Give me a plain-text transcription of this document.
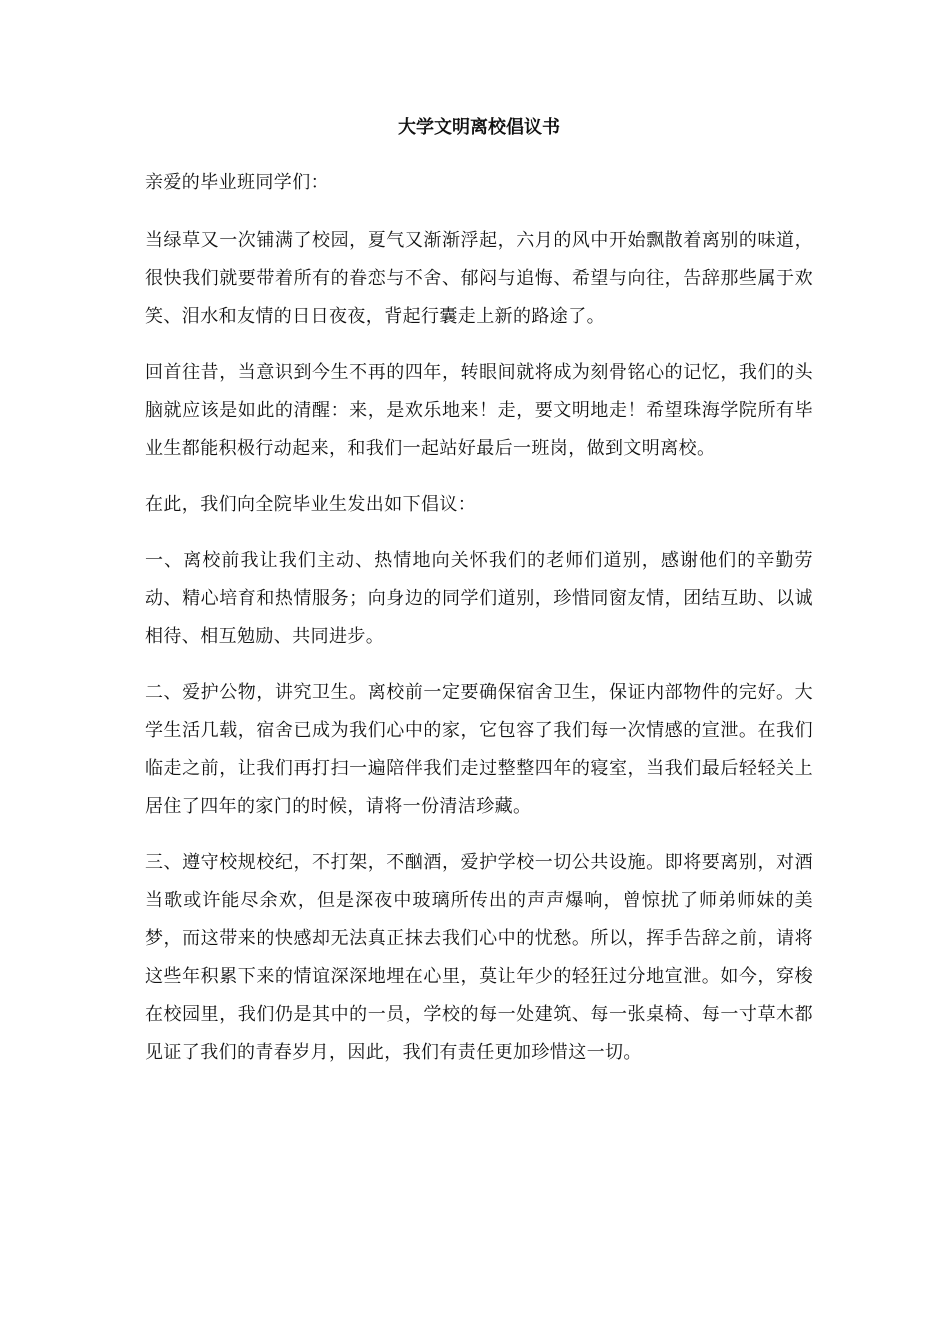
大学文明离校倡议书

亲爱的毕业班同学们：

当绿草又一次铺满了校园，夏气又渐渐浮起，六月的风中开始飘散着离别的味道，很快我们就要带着所有的眷恋与不舍、郁闷与追悔、希望与向往，告辞那些属于欢笑、泪水和友情的日日夜夜，背起行囊走上新的路途了。

回首往昔，当意识到今生不再的四年，转眼间就将成为刻骨铭心的记忆，我们的头脑就应该是如此的清醒：来，是欢乐地来！走，要文明地走！希望珠海学院所有毕业生都能积极行动起来，和我们一起站好最后一班岗，做到文明离校。

在此，我们向全院毕业生发出如下倡议：

一、离校前我让我们主动、热情地向关怀我们的老师们道别，感谢他们的辛勤劳动、精心培育和热情服务；向身边的同学们道别，珍惜同窗友情，团结互助、以诚相待、相互勉励、共同进步。

二、爱护公物，讲究卫生。离校前一定要确保宿舍卫生，保证内部物件的完好。大学生活几载，宿舍已成为我们心中的家，它包容了我们每一次情感的宣泄。在我们临走之前，让我们再打扫一遍陪伴我们走过整整四年的寝室，当我们最后轻轻关上居住了四年的家门的时候，请将一份清洁珍藏。

三、遵守校规校纪，不打架，不酗酒，爱护学校一切公共设施。即将要离别，对酒当歌或许能尽余欢，但是深夜中玻璃所传出的声声爆响，曾惊扰了师弟师妹的美梦，而这带来的快感却无法真正抹去我们心中的忧愁。所以，挥手告辞之前，请将这些年积累下来的情谊深深地埋在心里，莫让年少的轻狂过分地宣泄。如今，穿梭在校园里，我们仍是其中的一员，学校的每一处建筑、每一张桌椅、每一寸草木都见证了我们的青春岁月，因此，我们有责任更加珍惜这一切。
